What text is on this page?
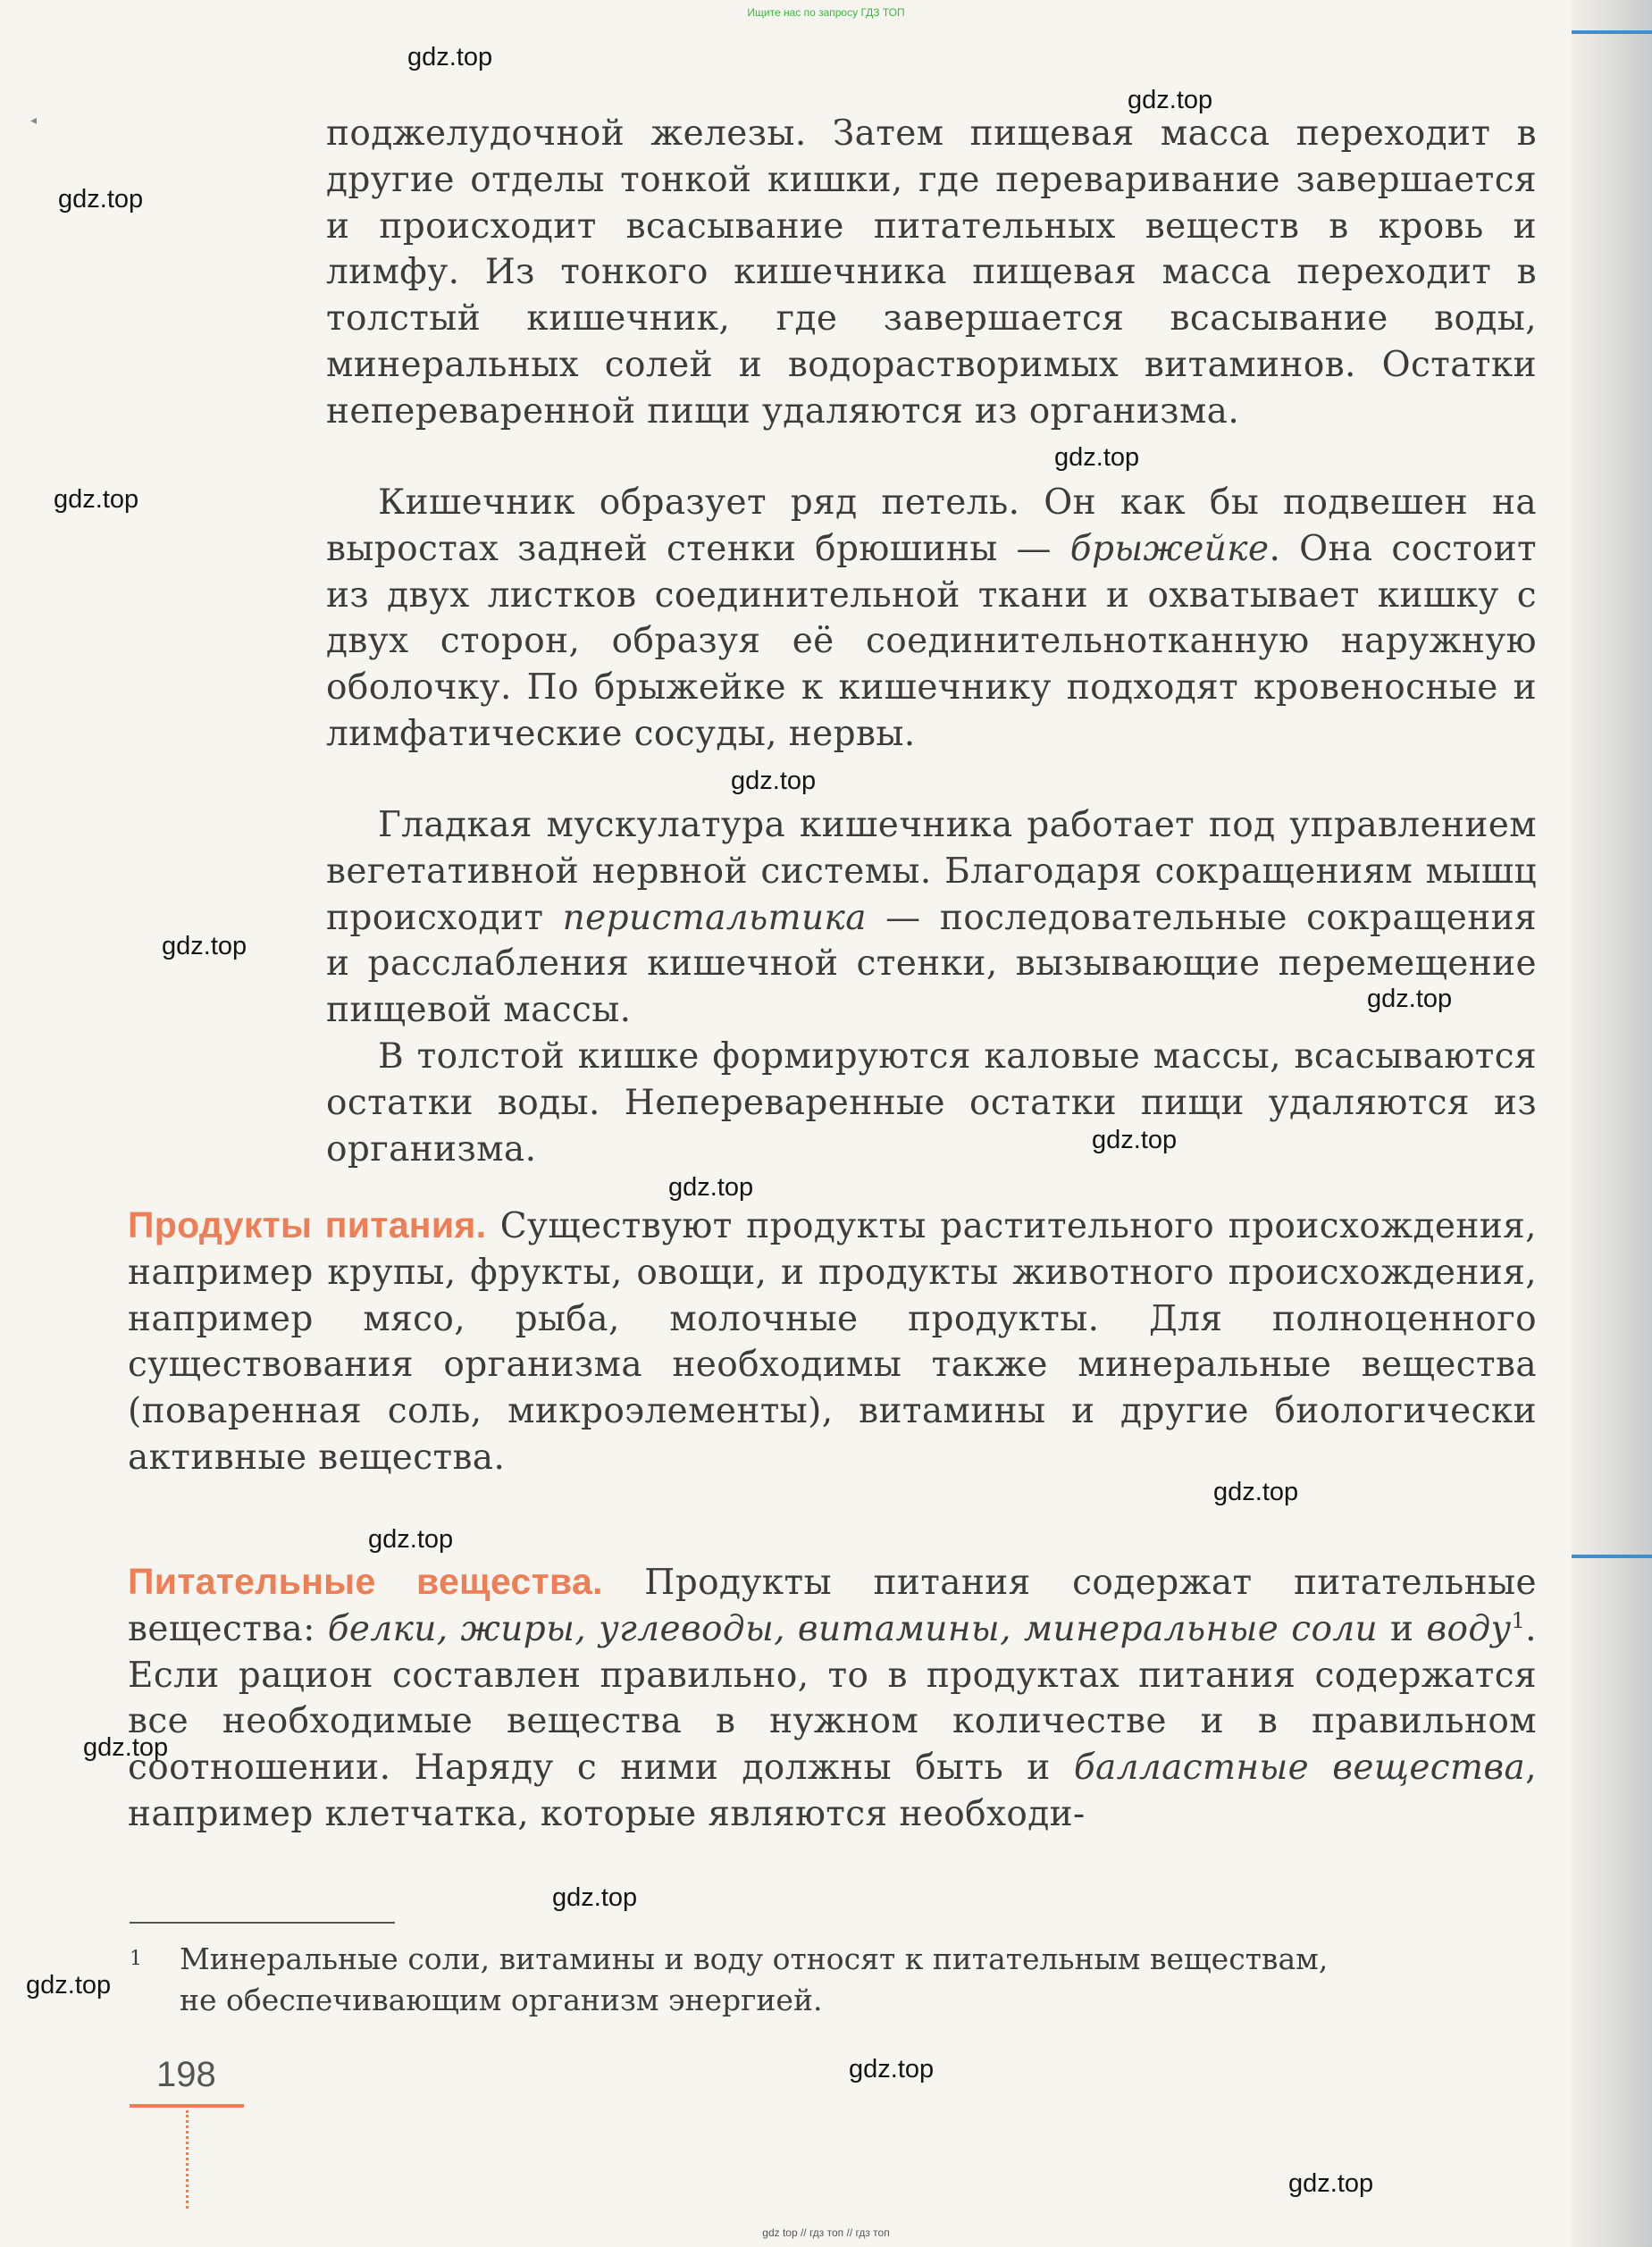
Ищите нас по запросу ГДЗ ТОП
◂
gdz.top
gdz.top
gdz.top
gdz.top
gdz.top
gdz.top
gdz.top
gdz.top
gdz.top
gdz.top
gdz.top
gdz.top
gdz.top
gdz.top
gdz.top
gdz.top
gdz.top

поджелудочной железы. Затем пищевая масса переходит в другие отделы тонкой кишки, где переваривание завершается и происходит всасывание питательных веществ в кровь и лимфу. Из тонкого кишечника пищевая масса переходит в толстый кишечник, где завершается всасывание воды, минеральных солей и водорастворимых витаминов. Остатки непереваренной пищи удаляются из организма.

Кишечник образует ряд петель. Он как бы подвешен на выростах задней стенки брюшины — брыжейке. Она состоит из двух листков соединительной ткани и охватывает кишку с двух сторон, образуя её соединительнотканную наружную оболочку. По брыжейке к кишечнику подходят кровеносные и лимфатические сосуды, нервы.

Гладкая мускулатура кишечника работает под управлением вегетативной нервной системы. Благодаря сокращениям мышц происходит перистальтика — последовательные сокращения и расслабления кишечной стенки, вызывающие перемещение пищевой массы.

В толстой кишке формируются каловые массы, всасываются остатки воды. Непереваренные остатки пищи удаляются из организма.

Продукты питания. Существуют продукты растительного происхождения, например крупы, фрукты, овощи, и продукты животного происхождения, например мясо, рыба, молочные продукты. Для полноценного существования организма необходимы также минеральные вещества (поваренная соль, микроэлементы), витамины и другие биологически активные вещества.

Питательные вещества. Продукты питания содержат питательные вещества: белки, жиры, углеводы, витамины, минеральные соли и воду$^1$. Если рацион составлен правильно, то в продуктах питания содержатся все необходимые вещества в нужном количестве и в правильном соотношении. Наряду с ними должны быть и балластные вещества, например клетчатка, которые являются необходи-

1 Минеральные соли, витамины и воду относят к питательным веществам,
не обеспечивающим организм энергией.
198
gdz top // гдз топ // гдз топ
